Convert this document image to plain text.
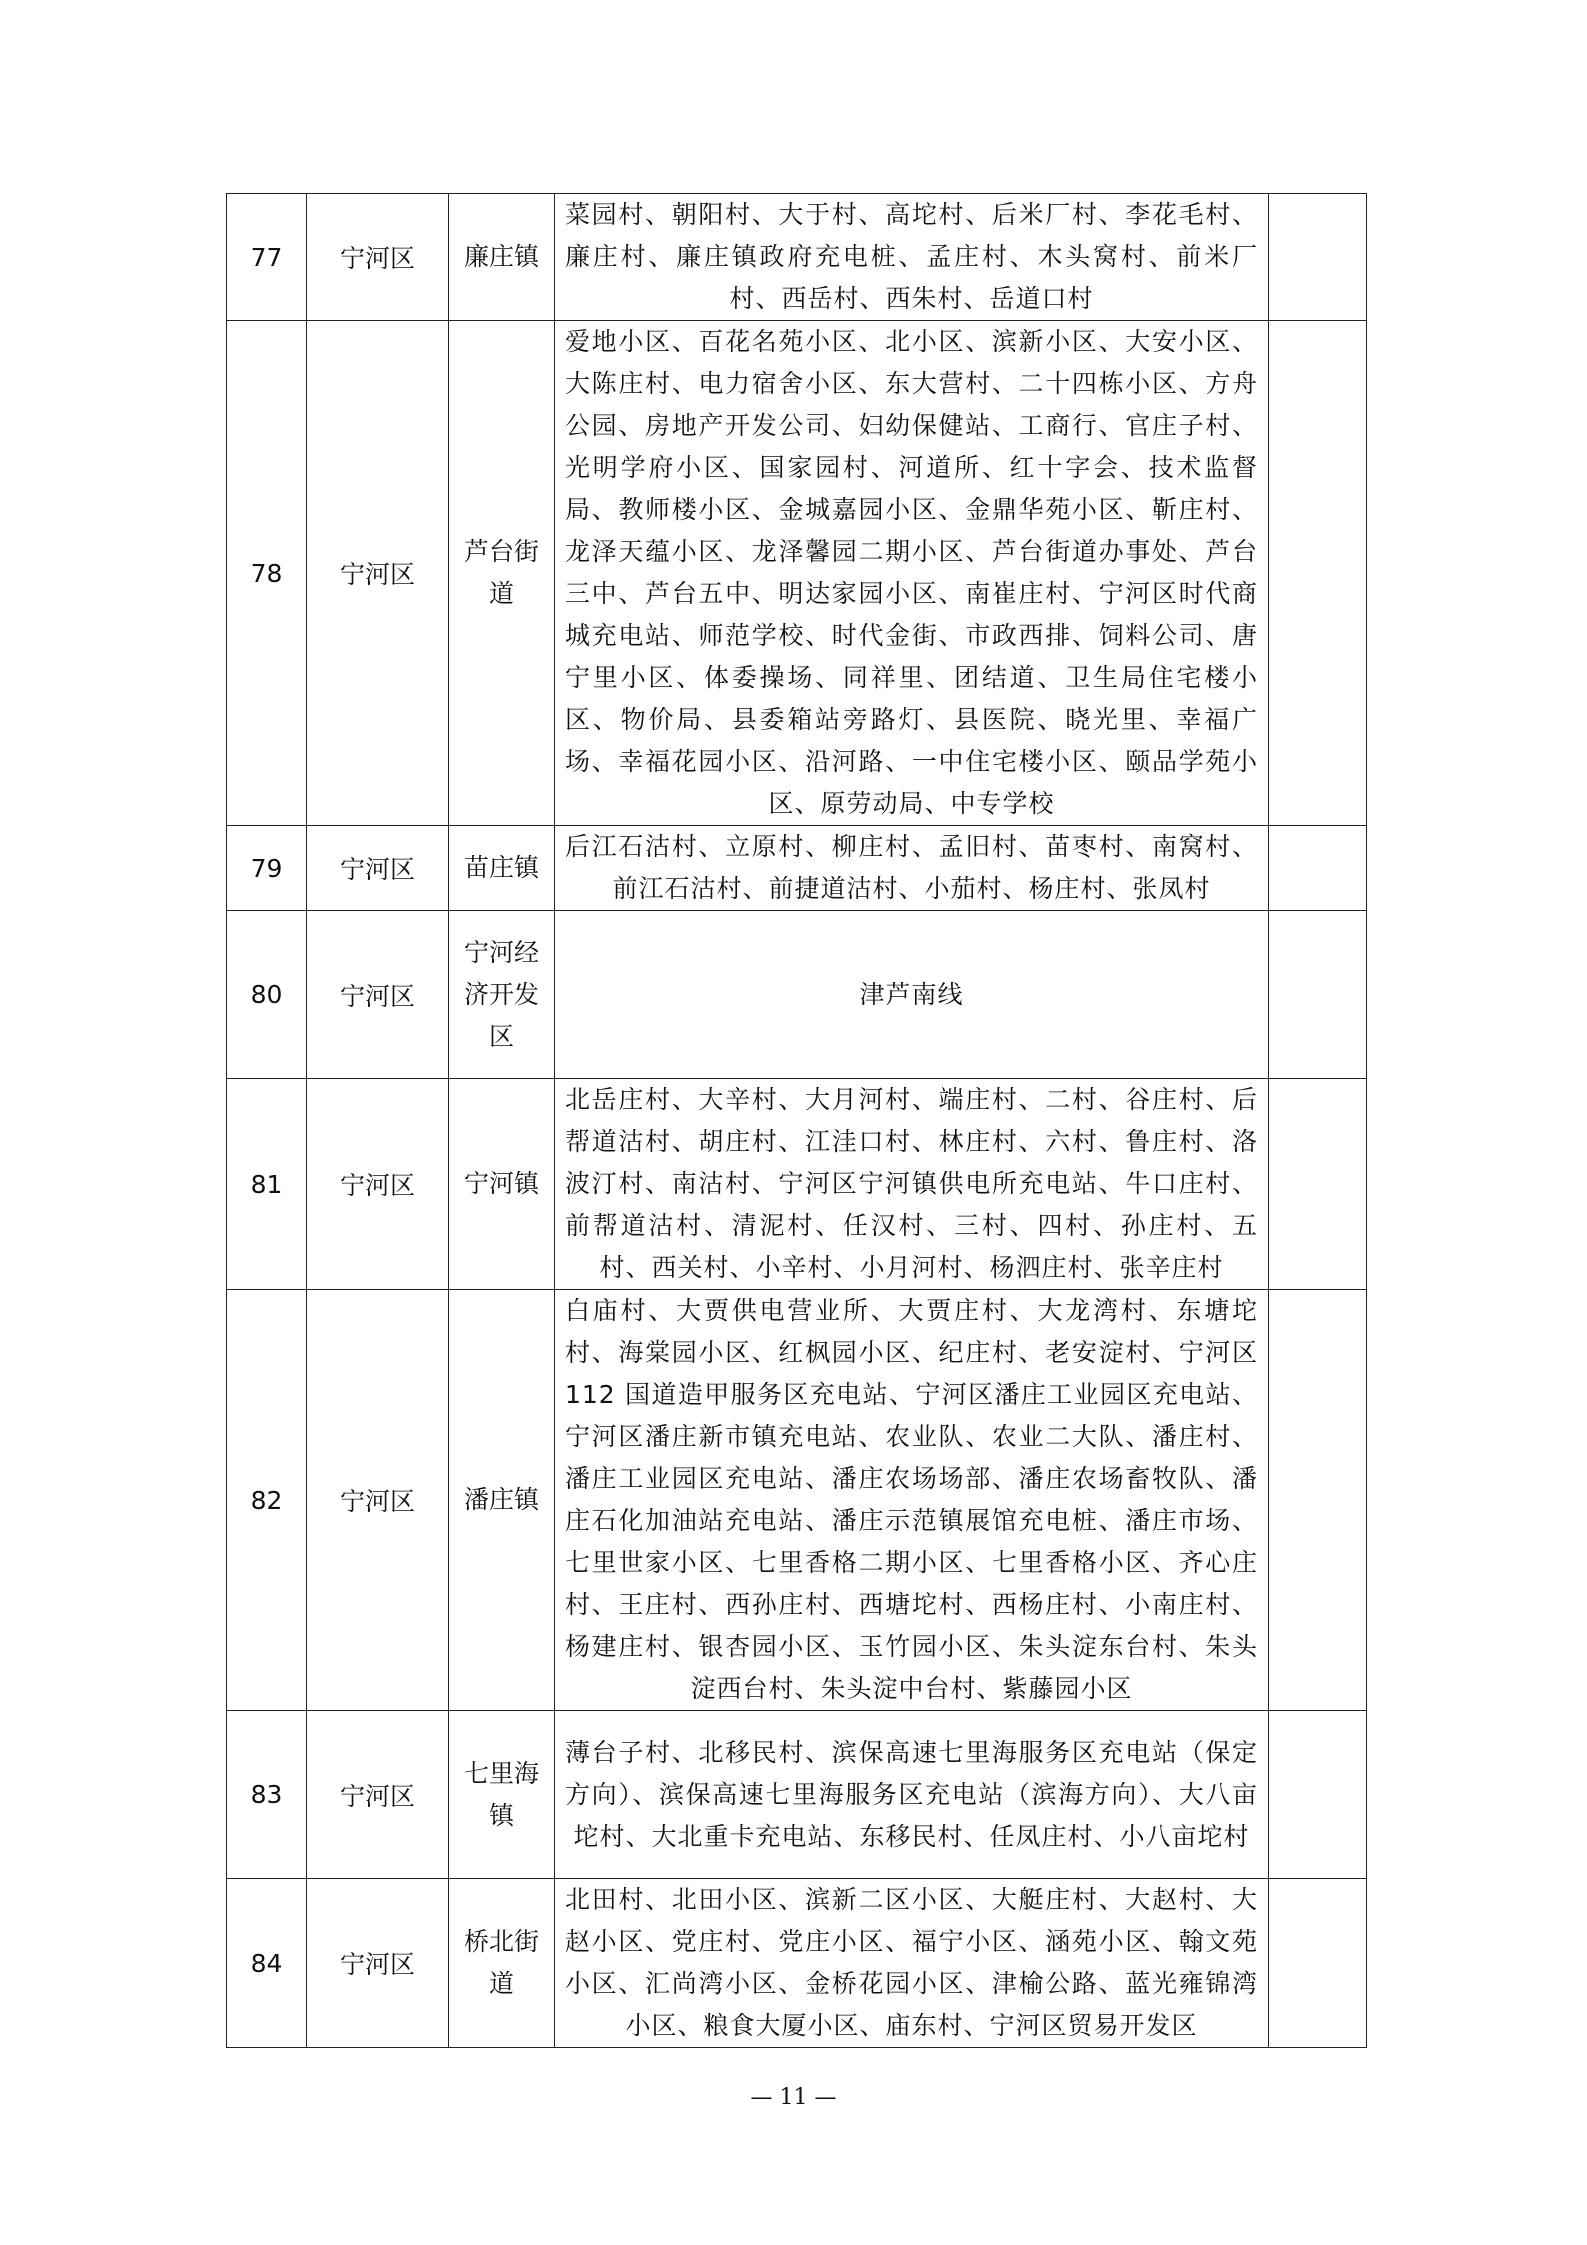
77	宁河区	廉庄镇	菜园村、朝阳村、大于村、高坨村、后米厂村、李花毛村、廉庄村、廉庄镇政府充电桩、孟庄村、木头窝村、前米厂村、西岳村、西朱村、岳道口村	
78	宁河区	芦台街道	爱地小区、百花名苑小区、北小区、滨新小区、大安小区、大陈庄村、电力宿舍小区、东大营村、二十四栋小区、方舟公园、房地产开发公司、妇幼保健站、工商行、官庄子村、光明学府小区、国家园村、河道所、红十字会、技术监督局、教师楼小区、金城嘉园小区、金鼎华苑小区、靳庄村、龙泽天蕴小区、龙泽馨园二期小区、芦台街道办事处、芦台三中、芦台五中、明达家园小区、南崔庄村、宁河区时代商城充电站、师范学校、时代金街、市政西排、饲料公司、唐宁里小区、体委操场、同祥里、团结道、卫生局住宅楼小区、物价局、县委箱站旁路灯、县医院、晓光里、幸福广场、幸福花园小区、沿河路、一中住宅楼小区、颐品学苑小区、原劳动局、中专学校	
79	宁河区	苗庄镇	后江石沽村、立原村、柳庄村、孟旧村、苗枣村、南窝村、前江石沽村、前捷道沽村、小茄村、杨庄村、张凤村	
80	宁河区	宁河经济开发区	津芦南线	
81	宁河区	宁河镇	北岳庄村、大辛村、大月河村、端庄村、二村、谷庄村、后帮道沽村、胡庄村、江洼口村、林庄村、六村、鲁庄村、洛波汀村、南沽村、宁河区宁河镇供电所充电站、牛口庄村、前帮道沽村、清泥村、任汉村、三村、四村、孙庄村、五村、西关村、小辛村、小月河村、杨泗庄村、张辛庄村	
82	宁河区	潘庄镇	白庙村、大贾供电营业所、大贾庄村、大龙湾村、东塘坨村、海棠园小区、红枫园小区、纪庄村、老安淀村、宁河区 112 国道造甲服务区充电站、宁河区潘庄工业园区充电站、宁河区潘庄新市镇充电站、农业队、农业二大队、潘庄村、潘庄工业园区充电站、潘庄农场场部、潘庄农场畜牧队、潘庄石化加油站充电站、潘庄示范镇展馆充电桩、潘庄市场、七里世家小区、七里香格二期小区、七里香格小区、齐心庄村、王庄村、西孙庄村、西塘坨村、西杨庄村、小南庄村、杨建庄村、银杏园小区、玉竹园小区、朱头淀东台村、朱头淀西台村、朱头淀中台村、紫藤园小区	
83	宁河区	七里海镇	薄台子村、北移民村、滨保高速七里海服务区充电站（保定方向）、滨保高速七里海服务区充电站（滨海方向）、大八亩坨村、大北重卡充电站、东移民村、任凤庄村、小八亩坨村	
84	宁河区	桥北街道	北田村、北田小区、滨新二区小区、大艇庄村、大赵村、大赵小区、党庄村、党庄小区、福宁小区、涵苑小区、翰文苑小区、汇尚湾小区、金桥花园小区、津榆公路、蓝光雍锦湾小区、粮食大厦小区、庙东村、宁河区贸易开发区	
— 11 —
